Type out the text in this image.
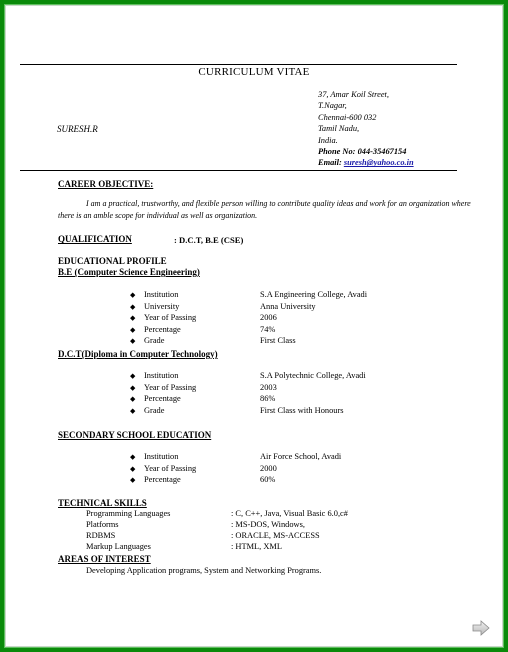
CURRICULUM VITAE
SURESH.R
37, Amar Koil Street,
T.Nagar,
Chennai-600 032
Tamil Nadu,
India.
Phone No: 044-35467154
Email: suresh@yahoo.co.in
CAREER OBJECTIVE:
I am a practical, trustworthy, and flexible person willing to contribute quality ideas and work for an organization where there is an amble scope for individual as well as organization.
QUALIFICATION	: D.C.T, B.E (CSE)
EDUCATIONAL PROFILE
B.E (Computer Science Engineering)
◆ Institution	S.A Engineering College, Avadi
◆ University	Anna University
◆ Year of Passing	2006
◆ Percentage	74%
◆ Grade	First Class
D.C.T(Diploma in Computer Technology)
◆ Institution	S.A Polytechnic College, Avadi
◆ Year of Passing	2003
◆ Percentage	86%
◆ Grade	First Class with Honours
SECONDARY SCHOOL EDUCATION
◆ Institution	Air Force School, Avadi
◆ Year of Passing	2000
◆ Percentage	60%
TECHNICAL SKILLS
Programming Languages	: C, C++, Java, Visual Basic 6.0,c#
Platforms	: MS-DOS, Windows,
RDBMS	: ORACLE, MS-ACCESS
Markup Languages	: HTML, XML
AREAS OF INTEREST
Developing Application programs, System and Networking Programs.
